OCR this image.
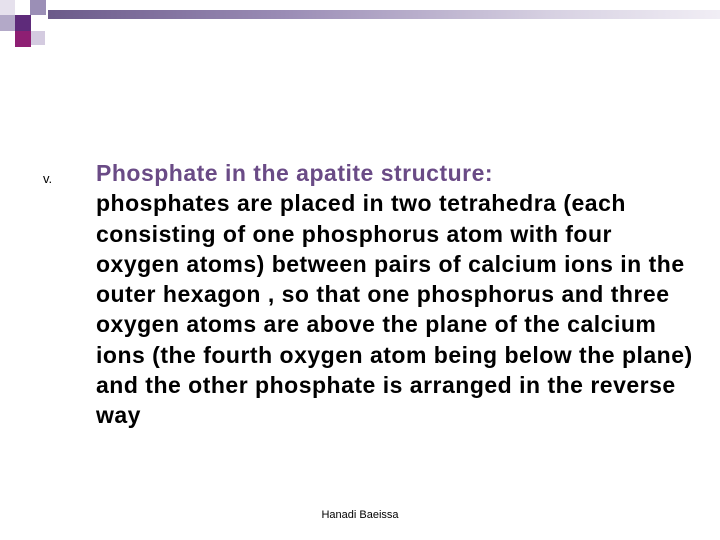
v. Phosphate in the apatite structure:
phosphates are placed in two tetrahedra (each consisting of one phosphorus atom with four oxygen atoms) between pairs of calcium ions in the outer hexagon , so that one phosphorus and three oxygen atoms are above the plane of the calcium ions (the fourth oxygen atom being below the plane) and the other phosphate is arranged in the reverse way
Hanadi Baeissa
